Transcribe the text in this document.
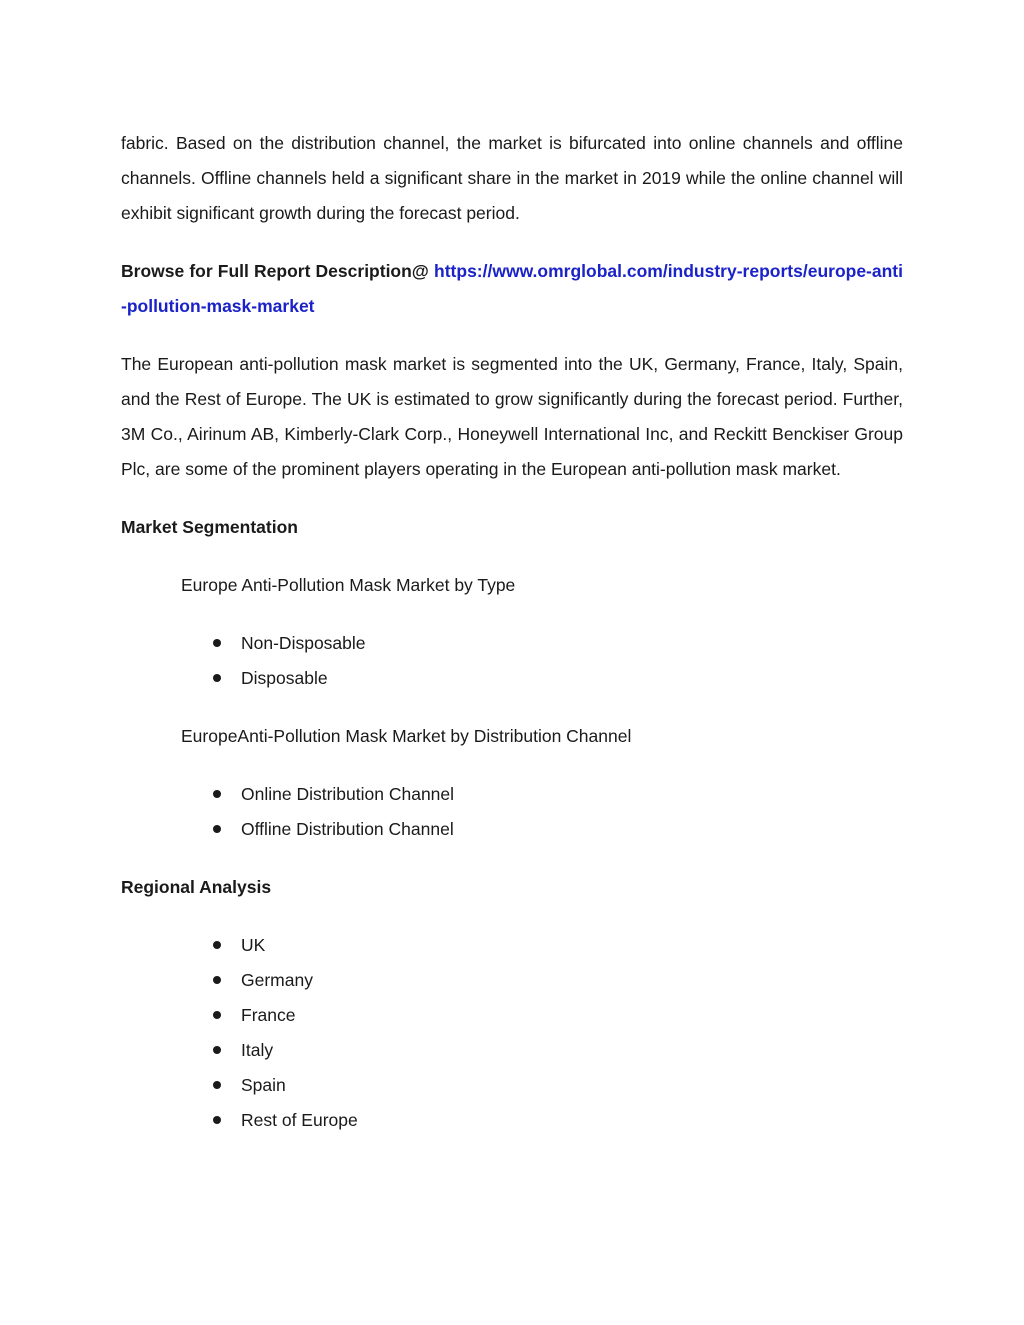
fabric. Based on the distribution channel, the market is bifurcated into online channels and offline channels. Offline channels held a significant share in the market in 2019 while the online channel will exhibit significant growth during the forecast period.

Browse for Full Report Description@ https://www.omrglobal.com/industry-reports/europe-anti-pollution-mask-market

The European anti-pollution mask market is segmented into the UK, Germany, France, Italy, Spain, and the Rest of Europe. The UK is estimated to grow significantly during the forecast period. Further, 3M Co., Airinum AB, Kimberly-Clark Corp., Honeywell International Inc, and Reckitt Benckiser Group Plc, are some of the prominent players operating in the European anti-pollution mask market.

Market Segmentation

Europe Anti-Pollution Mask Market by Type

Non-Disposable
Disposable

EuropeAnti-Pollution Mask Market by Distribution Channel

Online Distribution Channel
Offline Distribution Channel

Regional Analysis

UK
Germany
France
Italy
Spain
Rest of Europe
